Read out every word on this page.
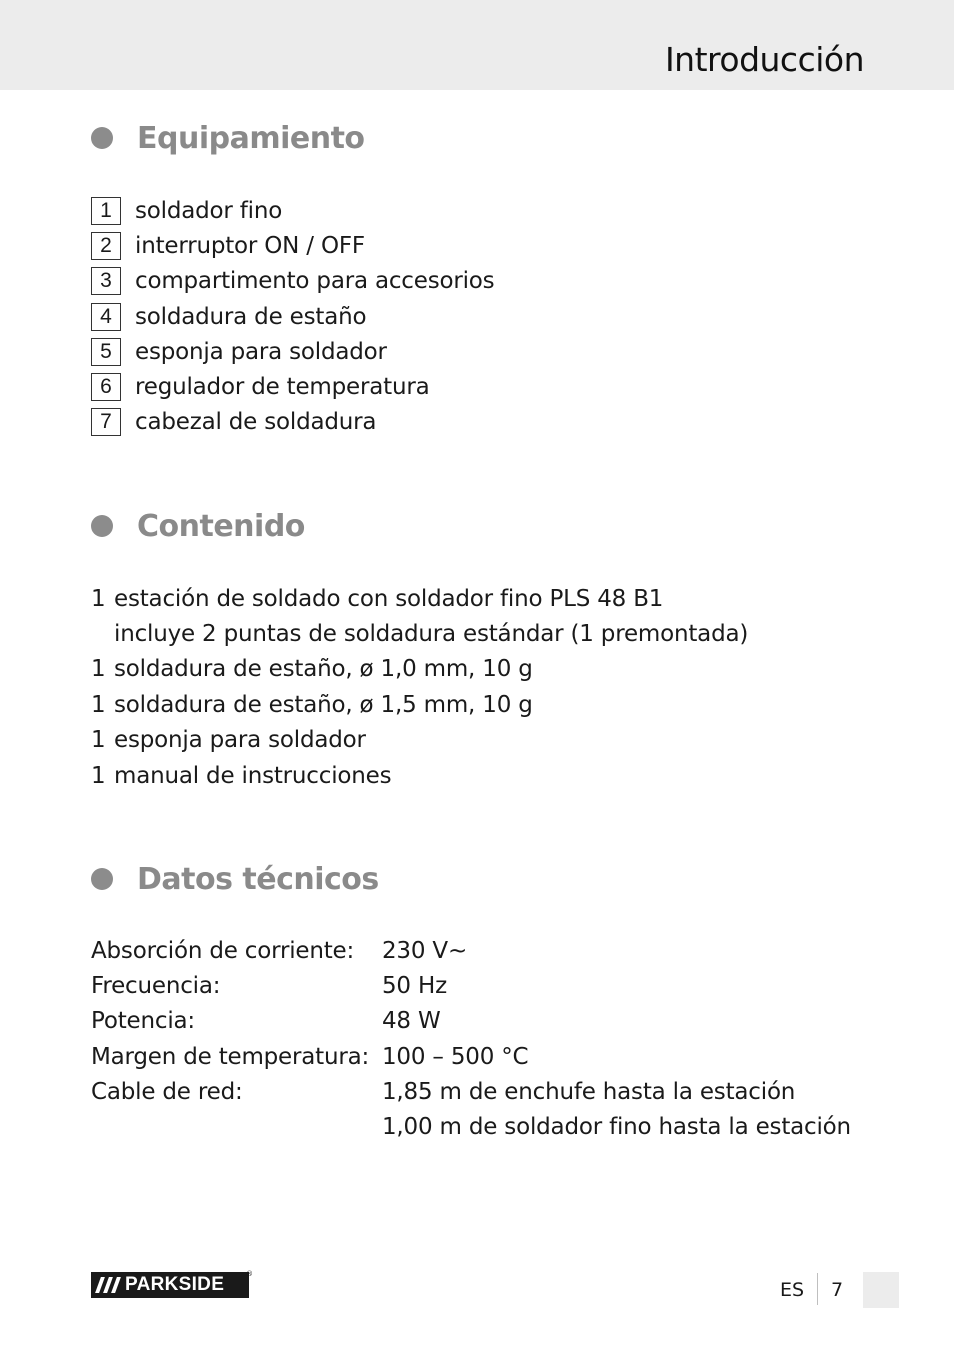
Introducción
Equipamiento
1	soldador fino
2	interruptor ON / OFF
3	compartimento para accesorios
4	soldadura de estaño
5	esponja para soldador
6	regulador de temperatura
7	cabezal de soldadura
Contenido
1 estación de soldado con soldador fino PLS 48 B1
incluye 2 puntas de soldadura estándar (1 premontada)
1 soldadura de estaño, ø 1,0 mm, 10 g
1 soldadura de estaño, ø 1,5 mm, 10 g
1 esponja para soldador
1 manual de instrucciones
Datos técnicos
Absorción de corriente:	230 V~
Frecuencia:	50 Hz
Potencia:	48 W
Margen de temperatura: 100 – 500 °C
Cable de red:	1,85 m de enchufe hasta la estación
1,00 m de soldador fino hasta la estación
PARKSIDE	®
ES 7
